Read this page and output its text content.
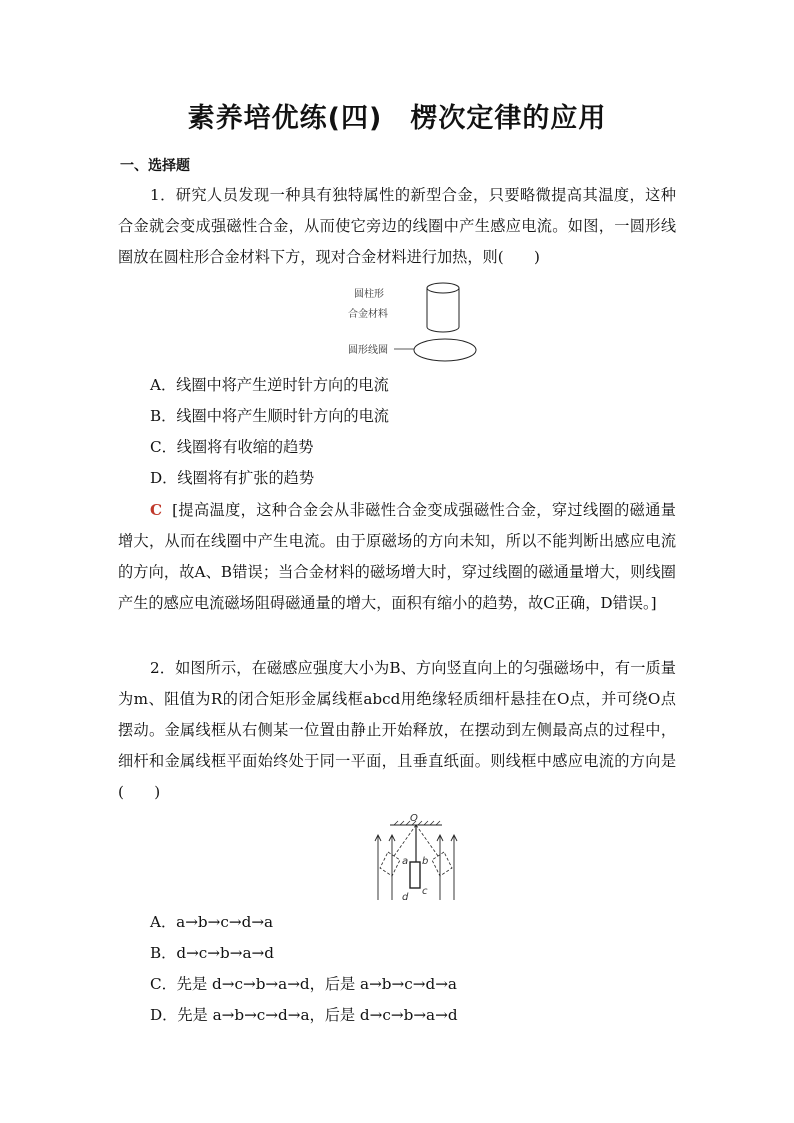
素养培优练(四)　楞次定律的应用
一、选择题
1．研究人员发现一种具有独特属性的新型合金，只要略微提高其温度，这种合金就会变成强磁性合金，从而使它旁边的线圈中产生感应电流。如图，一圆形线圈放在圆柱形合金材料下方，现对合金材料进行加热，则(　　)
圆柱形
合金材料
圆形线圈
A．线圈中将产生逆时针方向的电流
B．线圈中将产生顺时针方向的电流
C．线圈将有收缩的趋势
D．线圈将有扩张的趋势
C [提高温度，这种合金会从非磁性合金变成强磁性合金，穿过线圈的磁通量增大，从而在线圈中产生电流。由于原磁场的方向未知，所以不能判断出感应电流的方向，故A、B错误；当合金材料的磁场增大时，穿过线圈的磁通量增大，则线圈产生的感应电流磁场阻碍磁通量的增大，面积有缩小的趋势，故C正确，D错误。]
2．如图所示，在磁感应强度大小为B、方向竖直向上的匀强磁场中，有一质量为m、阻值为R的闭合矩形金属线框abcd用绝缘轻质细杆悬挂在O点，并可绕O点摆动。金属线框从右侧某一位置由静止开始释放，在摆动到左侧最高点的过程中，细杆和金属线框平面始终处于同一平面，且垂直纸面。则线框中感应电流的方向是(　　)
O
a b
c
d
A．a→b→c→d→a
B．d→c→b→a→d
C．先是 d→c→b→a→d，后是 a→b→c→d→a
D．先是 a→b→c→d→a，后是 d→c→b→a→d
